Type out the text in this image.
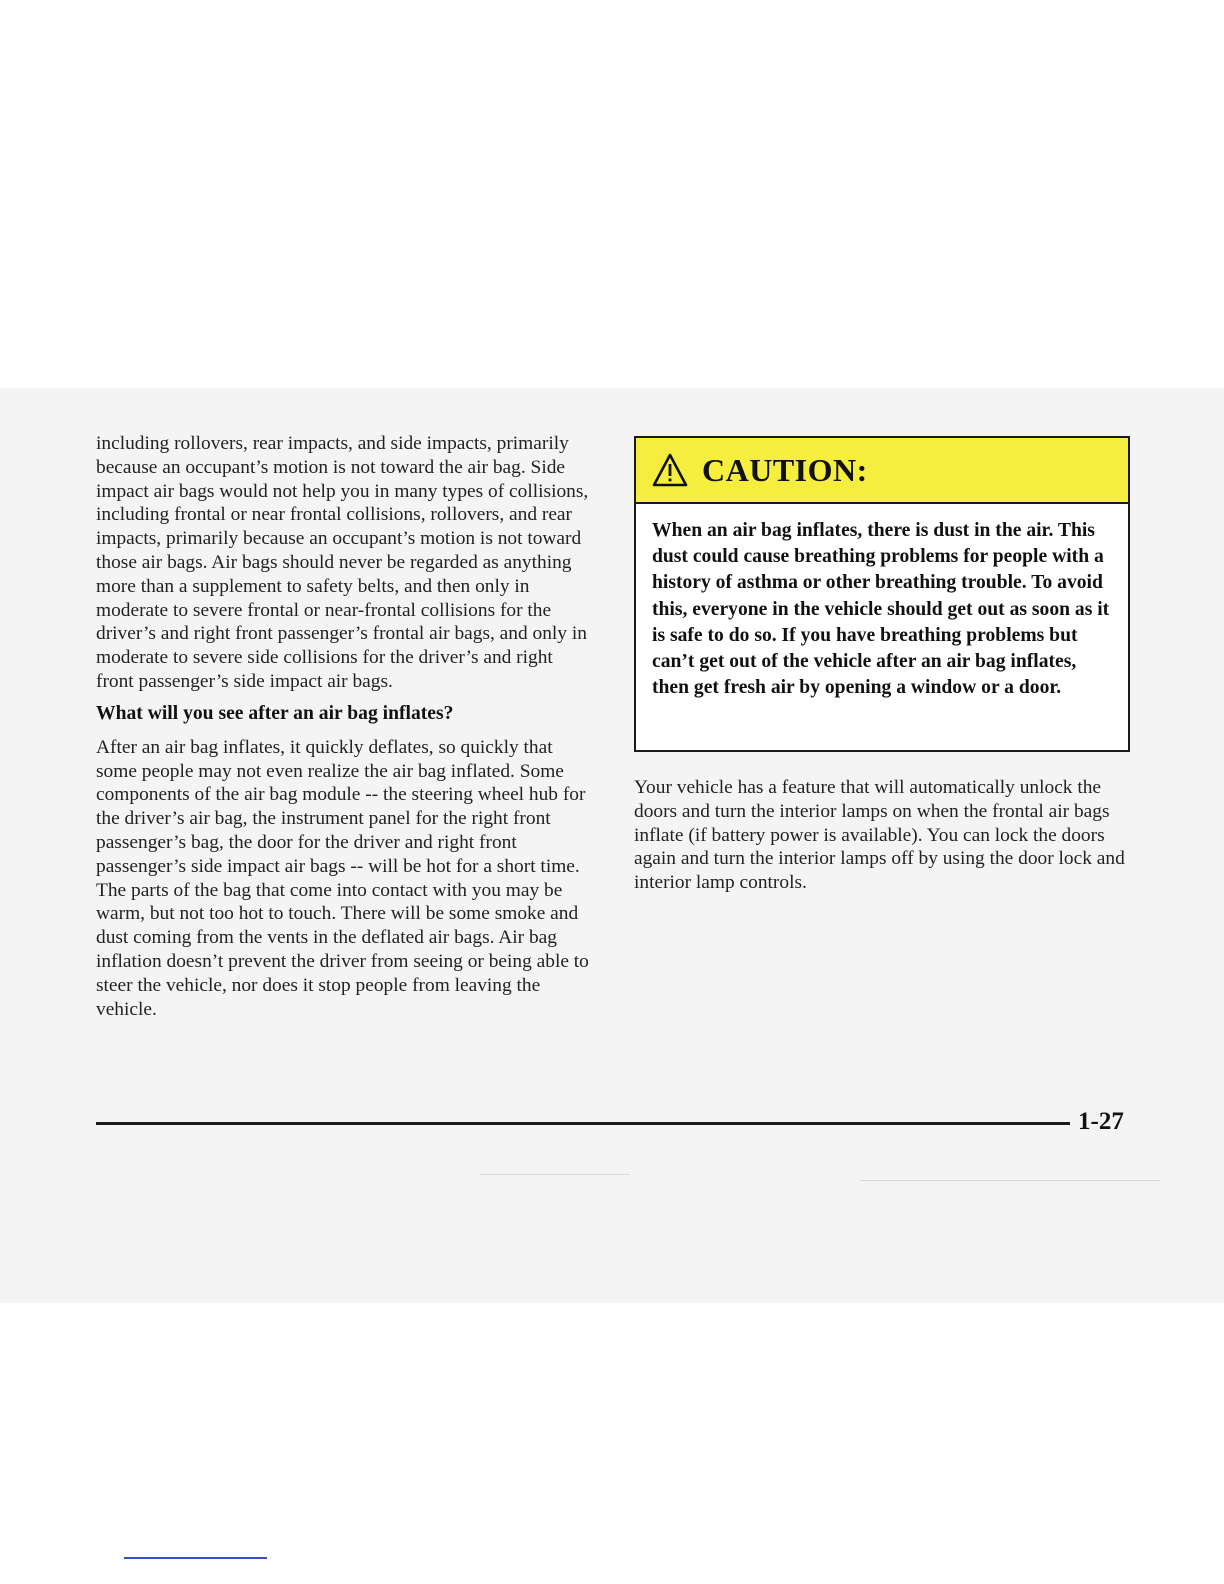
including rollovers, rear impacts, and side impacts, primarily because an occupant’s motion is not toward the air bag. Side impact air bags would not help you in many types of collisions, including frontal or near frontal collisions, rollovers, and rear impacts, primarily because an occupant’s motion is not toward those air bags. Air bags should never be regarded as anything more than a supplement to safety belts, and then only in moderate to severe frontal or near-frontal collisions for the driver’s and right front passenger’s frontal air bags, and only in moderate to severe side collisions for the driver’s and right front passenger’s side impact air bags.

What will you see after an air bag inflates?

After an air bag inflates, it quickly deflates, so quickly that some people may not even realize the air bag inflated. Some components of the air bag module -- the steering wheel hub for the driver’s air bag, the instrument panel for the right front passenger’s bag, the door for the driver and right front passenger’s side impact air bags -- will be hot for a short time. The parts of the bag that come into contact with you may be warm, but not too hot to touch. There will be some smoke and dust coming from the vents in the deflated air bags. Air bag inflation doesn’t prevent the driver from seeing or being able to steer the vehicle, nor does it stop people from leaving the vehicle.

CAUTION:

When an air bag inflates, there is dust in the air. This dust could cause breathing problems for people with a history of asthma or other breathing trouble. To avoid this, everyone in the vehicle should get out as soon as it is safe to do so. If you have breathing problems but can’t get out of the vehicle after an air bag inflates, then get fresh air by opening a window or a door.

Your vehicle has a feature that will automatically unlock the doors and turn the interior lamps on when the frontal air bags inflate (if battery power is available). You can lock the doors again and turn the interior lamps off by using the door lock and interior lamp controls.

1-27
